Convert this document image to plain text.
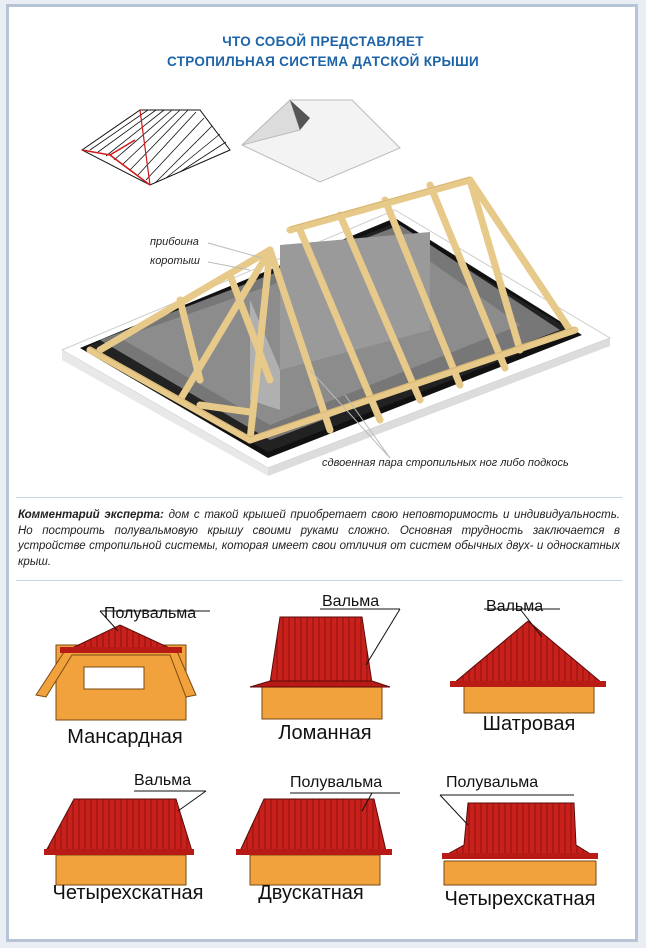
ЧТО СОБОЙ ПРЕДСТАВЛЯЕТ
СТРОПИЛЬНАЯ СИСТЕМА ДАТСКОЙ КРЫШИ
прибоина
коротыш
сдвоенная пара стропильных ног либо подкось
Комментарий эксперта: дом с такой крышей приобретает свою неповторимость и индивидуальность. Но построить полувальмовую крышу своими руками сложно. Основная трудность заключается в устройстве стропильной системы, которая имеет свои отличия от систем обычных двух- и односкатных крыш.
Полувальма
Вальма	Вальма
Вальма	Полувальма	Полувальма
Мансардная	Ломанная	Шатровая
Четырехскатная	Двускатная	Четырехскатная
